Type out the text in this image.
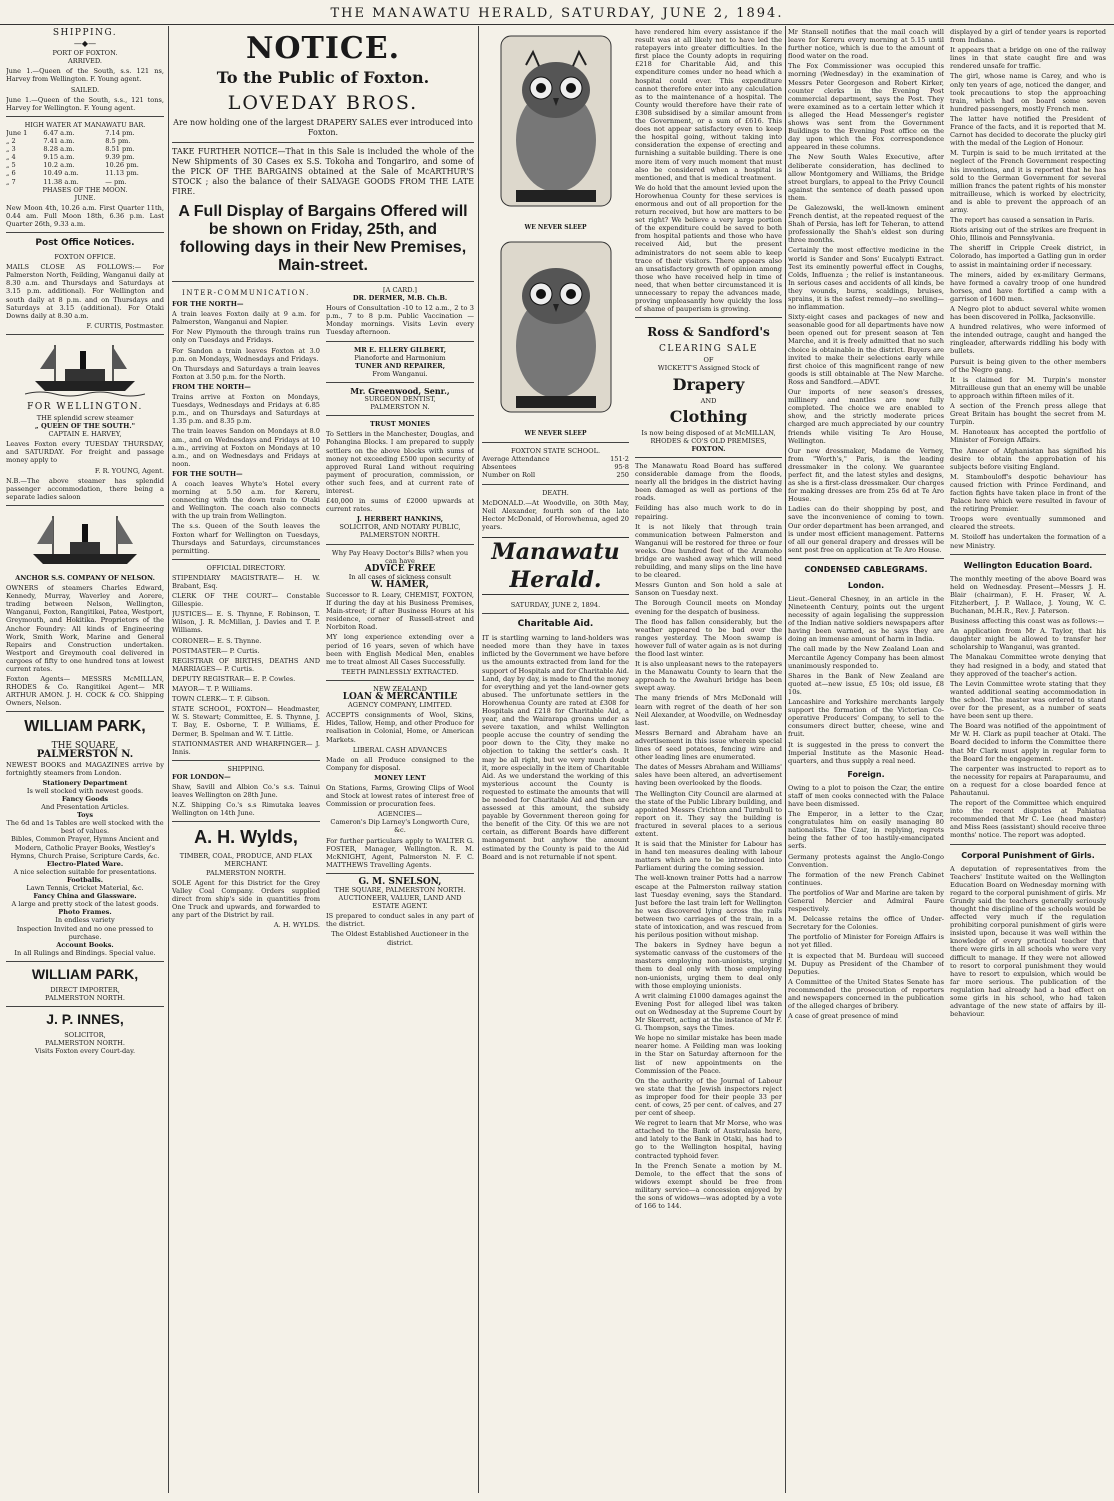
THE MANAWATU HERALD, SATURDAY, JUNE 2, 1894.
SHIPPING.
—◆—
PORT OF FOXTON.
ARRIVED.
June 1.—Queen of the South, s.s. 121 ns, Harvey from Wellington. F. Young agent.
SAILED.
June 1.—Queen of the South, s.s., 121 tons, Harvey for Wellington. F. Young agent.
HIGH WATER AT MANAWATU BAR.
June 1	6.47 a.m.	7.14 pm.
„ 2	7.41 a.m.	8.5 pm.
„ 3	8.28 a.m.	8.51 pm.
„ 4	9.15 a.m.	9.39 pm.
„ 5	10.2 a.m.	10.26 pm.
„ 6	10.49 a.m.	11.13 pm.
„ 7	11.38 a.m.	— pm.
PHASES OF THE MOON.
JUNE.
New Moon 4th, 10.26 a.m. First Quarter 11th, 0.44 am. Full Moon 18th, 6.36 p.m. Last Quarter 26th, 9.33 a.m.
Post Office Notices.
FOXTON OFFICE.
MAILS CLOSE AS FOLLOWS:— For Palmerston North, Feilding, Wanganui daily at 8.30 a.m. and Thursdays and Saturdays at 3.15 p.m. additional). For Wellington and south daily at 8 p.m. and on Thursdays and Saturdays at 3.15 (additional). For Otaki Downs daily at 8.30 a.m.
F. CURTIS, Postmaster.
FOR WELLINGTON.
THE splendid screw steamer
„ QUEEN OF THE SOUTH."
CAPTAIN E. HARVEY,
Leaves Foxton every TUESDAY THURSDAY, and SATURDAY. For freight and passage money apply to
F. R. YOUNG, Agent.
N.B.—The above steamer has splendid passenger accommodation, there being a separate ladies saloon
ANCHOR S.S. COMPANY OF NELSON.
OWNERS of steamers Charles Edward, Kennedy, Murray, Waverley and Aorere, trading between Nelson, Wellington, Wanganui, Foxton, Rangitikei, Patea, Westport, Greymouth, and Hokitika. Proprietors of the Anchor Foundry: All kinds of Engineering Work, Smith Work, Marine and General Repairs and Construction undertaken. Westport and Greymouth coal delivered in cargoes of fifty to one hundred tons at lowest current rates.
Foxton Agents— MESSRS McMILLAN, RHODES & Co. Rangitikei Agent— MR ARTHUR AMON. J. H. COCK & CO. Shipping Owners, Nelson.
WILLIAM PARK,
THE SQUARE,
PALMERSTON N.
NEWEST BOOKS and MAGAZINES arrive by fortnightly steamers from London.
Stationery Department
Is well stocked with newest goods.
Fancy Goods
And Presentation Articles.
Toys
The 6d and 1s Tables are well stocked with the best of values.
Bibles, Common Prayer, Hymns Ancient and Modern, Catholic Prayer Books, Westley's Hymns, Church Praise, Scripture Cards, &c.
Electro-Plated Ware.
A nice selection suitable for presentations.
Footballs.
Lawn Tennis, Cricket Material, &c.
Fancy China and Glassware.
A large and pretty stock of the latest goods.
Photo Frames.
In endless variety
Inspection Invited and no one pressed to purchase.
Account Books.
In all Rulings and Bindings. Special value.
WILLIAM PARK,
DIRECT IMPORTER,
PALMERSTON NORTH.
J. P. INNES,
SOLICITOR,
PALMERSTON NORTH.
Visits Foxton every Court-day.
NOTICE.
To the Public of Foxton.
LOVEDAY BROS.
Are now holding one of the largest DRAPERY SALES ever introduced into Foxton.
TAKE FURTHER NOTICE—That in this Sale is included the whole of the New Shipments of 30 Cases ex S.S. Tokoha and Tongariro, and some of the PICK OF THE BARGAINS obtained at the Sale of McARTHUR'S STOCK ; also the balance of their SALVAGE GOODS FROM THE LATE FIRE.
A Full Display of Bargains Offered will be shown on Friday, 25th, and following days in their New Premises, Main-street.
INTER-COMMUNICATION.
FOR THE NORTH—
A train leaves Foxton daily at 9 a.m. for Palmerston, Wanganui and Napier.
For New Plymouth the through trains run only on Tuesdays and Fridays.
For Sandon a train leaves Foxton at 3.0 p.m. on Mondays, Wednesdays and Fridays.
On Thursdays and Saturdays a train leaves Foxton at 3.50 p.m. for the North.
FROM THE NORTH—
Trains arrive at Foxton on Mondays, Tuesdays, Wednesdays and Fridays at 6.85 p.m., and on Thursdays and Saturdays at 1.35 p.m. and 8.35 p.m.
The train leaves Sandon on Mondays at 8.0 am., and on Wednesdays and Fridays at 10 a.m., arriving at Foxton on Mondays at 10 a.m., and on Wednesdays and Fridays at noon.
FOR THE SOUTH—
A coach leaves Whyte's Hotel every morning at 5.50 a.m. for Kereru, connecting with the down train to Otaki and Wellington. The coach also connects with the up train from Wellington.
The s.s. Queen of the South leaves the Foxton wharf for Wellington on Tuesdays, Thursdays and Saturdays, circumstances permitting.
OFFICIAL DIRECTORY.
STIPENDIARY MAGISTRATE— H. W. Brabant, Esq.
CLERK OF THE COURT— Constable Gillespie.
JUSTICES— E. S. Thynne, F. Robinson, T. Wilson, J. R. McMillan, J. Davies and T. P. Williams.
CORONER— E. S. Thynne.
POSTMASTER— P. Curtis.
REGISTRAR OF BIRTHS, DEATHS AND MARRIAGES— P. Curtis.
DEPUTY REGISTRAR— E. P. Cowles.
MAYOR— T. P. Williams.
TOWN CLERK— T. F. Gibson.
STATE SCHOOL, FOXTON— Headmaster, W. S. Stewart; Committee, E. S. Thynne, J. T. Bay, E. Osborne, T. P. Williams, E. Dermer, B. Spelman and W. T. Little.
STATIONMASTER AND WHARFINGER— J. Innis.
SHIPPING.
FOR LONDON—
Shaw, Savill and Albion Co.'s s.s. Tainui leaves Wellington on 28th June.
N.Z. Shipping Co.'s s.s Rimutaka leaves Wellington on 14th June.
A. H. Wylds,
TIMBER, COAL, PRODUCE, AND FLAX MERCHANT.
PALMERSTON NORTH.
SOLE Agent for this District for the Grey Valley Coal Company. Orders supplied direct from ship's side in quantities from One Truck and upwards, and forwarded to any part of the District by rail.
A. H. WYLDS.
[A CARD.]
DR. DERMER, M.B. Ch.B.
Hours of Consultation -10 to 12 a.m., 2 to 3 p.m., 7 to 8 p.m. Public Vaccination — Monday mornings. Visits Levin every Tuesday afternoon.
MR E. ELLERY GILBERT,
Pianoforte and Harmonium
TUNER AND REPAIRER,
From Wanganui.
Mr. Greenwood, Senr.,
SURGEON DENTIST,
PALMERSTON N.
TRUST MONIES
To Settlers in the Manchester, Douglas, and Pohangina Blocks. I am prepared to supply settlers on the above blocks with sums of money not exceeding £500 upon security of approved Rural Land without requiring payment of procuration, commission, or other such fees, and at current rate of interest.
£40,000 in sums of £2000 upwards at current rates.
J. HERBERT HANKINS,
SOLICITOR, AND NOTARY PUBLIC, PALMERSTON NORTH.
Why Pay Heavy Doctor's Bills? when you can have
ADVICE FREE
In all cases of sickness consult
W. HAMER,
Successor to R. Leary, CHEMIST, FOXTON, If during the day at his Business Premises, Main-street; if after Business Hours at his residence, corner of Russell-street and Norbiton Road.
MY long experience extending over a period of 16 years, seven of which have been with English Medical Men, enables me to treat almost All Cases Successfully.
TEETH PAINLESSLY EXTRACTED.
NEW ZEALAND
LOAN & MERCANTILE
AGENCY COMPANY, LIMITED.
ACCEPTS consignments of Wool, Skins, Hides, Tallow, Hemp, and other Produce for realisation in Colonial, Home, or American Markets.
LIBERAL CASH ADVANCES
Made on all Produce consigned to the Company for disposal.
MONEY LENT
On Stations, Farms, Growing Clips of Wool and Stock at lowest rates of interest free of Commission or procuration fees.
AGENCIES—
Cameron's Dip Larney's Longworth Cure, &c.
For further particulars apply to WALTER G. FOSTER, Manager, Wellington. R. M. McKNIGHT, Agent, Palmerston N. F. C. MATTHEWS Travelling Agents.
G. M. SNELSON,
THE SQUARE, PALMERSTON NORTH. AUCTIONEER, VALUER, LAND AND ESTATE AGENT.
IS prepared to conduct sales in any part of the district.
The Oldest Established Auctioneer in the district.
WE NEVER SLEEP
WE NEVER SLEEP
FOXTON STATE SCHOOL.
Average Attendance	151·2
Absentees	95·8
Number on Roll	250
DEATH.
McDONALD.—At Woodville, on 30th May, Neil Alexander, fourth son of the late Hector McDonald, of Horowhenua, aged 20 years.
Manawatu Herald.
SATURDAY, JUNE 2, 1894.
Charitable Aid.
IT is startling warning to land-holders was needed more than they have in taxes inflicted by the Government we have before us the amounts extracted from land for the support of Hospitals and for Charitable Aid. Land, day by day, is made to find the money for everything and yet the land-owner gets abused. The unfortunate settlers in the Horowhenua County are rated at £308 for Hospitals and £218 for Charitable Aid, a year, and the Wairarapa groans under as severe taxation, and whilst Wellington people accuse the country of sending the poor down to the City, they make no objection to taking the settler's cash. It may be all right, but we very much doubt it, more especially in the item of Charitable Aid. As we understand the working of this mysterious account the County is requested to estimate the amounts that will be needed for Charitable Aid and then are assessed at this amount, the subsidy payable by Government thereon going for the benefit of the City. Of this we are not certain, as different Boards have different management but anyhow the amount estimated by the County is paid to the Aid Board and is not returnable if not spent.
have rendered him every assistance if the result was at all likely not to have led the ratepayers into greater difficulties. In the first place the County adopts in requiring £218 for Charitable Aid, and this expenditure comes under no head which a hospital could ever. This expenditure cannot therefore enter into any calculation as to the maintenance of a hospital. The County would therefore have their rate of £308 subsidised by a similar amount from the Government, or a sum of £616. This does not appear satisfactory even to keep the hospital going, without taking into consideration the expense of erecting and furnishing a suitable building. There is one more item of very much moment that must also be considered when a hospital is mentioned, and that is medical treatment.
We do hold that the amount levied upon the Horowhenua County for these services is enormous and out of all proportion for the return received, but how are matters to be set right? We believe a very large portion of the expenditure could be saved to both from hospital patients and those who have received Aid, but the present administrators do not seem able to keep trace of their visitors. There appears also an unsatisfactory growth of opinion among those who have received help in time of need, that when better circumstanced it is unnecessary to repay the advances made, proving unpleasantly how quickly the loss of shame of pauperism is growing.
Ross & Sandford's
CLEARING SALE
OF
WICKETT'S Assigned Stock of
Drapery
AND
Clothing
Is now being disposed of at McMILLAN, RHODES & CO'S OLD PREMISES,
FOXTON.
The Manawatu Road Board has suffered considerable damage from the floods, nearly all the bridges in the district having been damaged as well as portions of the roads.
Feilding has also much work to do in repairing.
It is not likely that through train communication between Palmerston and Wanganui will be restored for three or four weeks. One hundred feet of the Aramoho bridge are washed away which will need rebuilding, and many slips on the line have to be cleared.
Messrs Gunton and Son hold a sale at Sanson on Tuesday next.
The Borough Council meets on Monday evening for the despatch of business.
The flood has fallen considerably, but the weather appeared to be bad over the ranges yesterday. The Moon swamp is however full of water again as is not during the flood last winter.
It is also unpleasant news to the ratepayers in the Manawatu County to learn that the approach to the Awahuri bridge has been swept away.
The many friends of Mrs McDonald will learn with regret of the death of her son Neil Alexander, at Woodville, on Wednesday last.
Messrs Bernard and Abraham have an advertisement in this issue wherein special lines of seed potatoes, fencing wire and other leading lines are enumerated.
The dates of Messrs Abraham and Williams' sales have been altered, an advertisement having been overlooked by the floods.
The Wellington City Council are alarmed at the state of the Public Library building, and appointed Messrs Crichton and Turnbull to report on it. They say the building is fractured in several places to a serious extent.
It is said that the Minister for Labour has in hand ten measures dealing with labour matters which are to be introduced into Parliament during the coming session.
The well-known trainer Potts had a narrow escape at the Palmerston railway station last Tuesday evening, says the Standard. Just before the last train left for Wellington he was discovered lying across the rails between two carriages of the train, in a state of intoxication, and was rescued from his perilous position without mishap.
The bakers in Sydney have begun a systematic canvass of the customers of the masters employing non-unionists, urging them to deal only with those employing non-unionists, urging them to deal only with those employing unionists.
A writ claiming £1000 damages against the Evening Post for alleged libel was taken out on Wednesday at the Supreme Court by Mr Skerrett, acting at the instance of Mr F. G. Thompson, says the Times.
We hope no similar mistake has been made nearer home. A Feilding man was looking in the Star on Saturday afternoon for the list of new appointments on the Commission of the Peace.
On the authority of the Journal of Labour we state that the Jewish inspectors reject as improper food for their people 33 per cent. of cows, 25 per cent. of calves, and 27 per cent of sheep.
We regret to learn that Mr Morse, who was attached to the Bank of Australasia here, and lately to the Bank in Otaki, has had to go to the Wellington hospital, having contracted typhoid fever.
In the French Senate a motion by M. Demole, to the effect that the sons of widows exempt should be free from military service—a concession enjoyed by the sons of widows—was adopted by a vote of 166 to 144.
Mr Stansell notifies that the mail coach will leave for Kereru every morning at 5.15 until further notice, which is due to the amount of flood water on the road.
The Fox Commissioner was occupied this morning (Wednesday) in the examination of Messrs Peter Georgeson and Robert Kirker, counter clerks in the Evening Post commercial department, says the Post. They were examined as to a certain letter which it is alleged the Head Messenger's register shows was sent from the Government Buildings to the Evening Post office on the day upon which the Fox correspondence appeared in these columns.
The New South Wales Executive, after deliberate consideration, has declined to allow Montgomery and Williams, the Bridge street burglars, to appeal to the Privy Council against the sentence of death passed upon them.
De Galezowski, the well-known eminent French dentist, at the repeated request of the Shah of Persia, has left for Teheran, to attend professionally the Shah's eldest son during three months.
Certainly the most effective medicine in the world is Sander and Sons' Eucalypti Extract. Test its eminently powerful effect in Coughs, Colds, Influenza ; the relief is instantaneous. In serious cases and accidents of all kinds, be they wounds, burns, scaldings, bruises, sprains, it is the safest remedy—no swelling—no inflammation.
Sixty-eight cases and packages of new and seasonable good for all departments have now been opened out for present season at Ten Marche, and it is freely admitted that no such choice is obtainable in the district. Buyers are invited to make their selections early while first choice of this magnificent range of new goods is still obtainable at The New Marche. Ross and Sandford.—ADVT.
Our imports of new season's dresses, millinery and mantles are now fully completed. The choice we are enabled to show, and the strictly moderate prices charged are much appreciated by our country friends while visiting Te Aro House, Wellington.
Our new dressmaker, Madame de Verney, from "Worth's," Paris, is the leading dressmaker in the colony. We guarantee perfect fit, and the latest styles and designs, as she is a first-class dressmaker. Our charges for making dresses are from 25s 6d at Te Aro House.
Ladies can do their shopping by post, and save the inconvenience of coming to town. Our order department has been arranged, and is under most efficient management. Patterns of all our general drapery and dresses will be sent post free on application at Te Aro House.
CONDENSED CABLEGRAMS.
London.
Lieut.-General Chesney, in an article in the Nineteenth Century, points out the urgent necessity of again legalising the suppression of the Indian native soldiers newspapers after having been warned, as he says they are doing an immense amount of harm in India.
The call made by the New Zealand Loan and Mercantile Agency Company has been almost unanimously responded to.
Shares in the Bank of New Zealand are quoted at—new issue, £5 10s; old issue, £8 10s.
Lancashire and Yorkshire merchants largely support the formation of the Victorian Co-operative Producers' Company, to sell to the consumers direct butter, cheese, wine and fruit.
It is suggested in the press to convert the Imperial Institute as the Masonic Head-quarters, and thus supply a real need.
Foreign.
Owing to a plot to poison the Czar, the entire staff of men cooks connected with the Palace have been dismissed.
The Emperor, in a letter to the Czar, congratulates him on easily managing 80 nationalists. The Czar, in replying, regrets being the father of too hastily-emancipated serfs.
Germany protests against the Anglo-Congo Convention.
The formation of the new French Cabinet continues.
The portfolios of War and Marine are taken by General Mercier and Admiral Faure respectively.
M. Delcasse retains the office of Under-Secretary for the Colonies.
The portfolio of Minister for Foreign Affairs is not yet filled.
It is expected that M. Burdeau will succeed M. Dupuy as President of the Chamber of Deputies.
A Committee of the United States Senate has recommended the prosecution of reporters and newspapers concerned in the publication of the alleged charges of bribery.
A case of great presence of mind
displayed by a girl of tender years is reported from Indiana.
It appears that a bridge on one of the railway lines in that state caught fire and was rendered unsafe for traffic.
The girl, whose name is Carey, and who is only ten years of age, noticed the danger, and took precautions to stop the approaching train, which had on board some seven hundred passengers, mostly French men.
The latter have notified the President of France of the facts, and it is reported that M. Carnot has decided to decorate the plucky girl with the medal of the Legion of Honour.
M. Turpin is said to be much irritated at the neglect of the French Government respecting his inventions, and it is reported that he has sold to the German Government for several million francs the patent rights of his monster mitrailleuse, which is worked by electricity, and is able to prevent the approach of an army.
The report has caused a sensation in Paris.
Riots arising out of the strikes are frequent in Ohio, Illinois and Pennsylvania.
The sheriff in Cripple Creek district, in Colorado, has imported a Gatling gun in order to assist in maintaining order if necessary.
The miners, aided by ex-military Germans, have formed a cavalry troop of one hundred horses, and have fortified a camp with a garrison of 1600 men.
A Negro plot to abduct several white women has been discovered in Pollka, Jacksonville.
A hundred relatives, who were informed of the intended outrage, caught and hanged the ringleader, afterwards riddling his body with bullets.
Pursuit is being given to the other members of the Negro gang.
It is claimed for M. Turpin's monster Mitrailleuse gun that an enemy will be unable to approach within fifteen miles of it.
A section of the French press allege that Great Britain has bought the secret from M. Turpin.
M. Hanoteaux has accepted the portfolio of Minister of Foreign Affairs.
The Ameer of Afghanistan has signified his desire to obtain the approbation of his subjects before visiting England.
M. Stambouloff's despotic behaviour has caused friction with Prince Ferdinand, and faction fights have taken place in front of the Palace here which were resulted in favour of the retiring Premier.
Troops were eventually summoned and cleared the streets.
M. Stoiloff has undertaken the formation of a new Ministry.
Wellington Education Board.
The monthly meeting of the above Board was held on Wednesday. Present—Messrs J. H. Blair (chairman), F. H. Fraser, W. A. Fitzherbert, J. P. Wallace, J. Young, W. C. Buchanan, M.H.R., Rev. J. Paterson.
Business affecting this coast was as follows:—
An application from Mr A. Taylor, that his daughter might be allowed to transfer her scholarship to Wanganui, was granted.
The Manakau Committee wrote denying that they had resigned in a body, and stated that they approved of the teacher's action.
The Levin Committee wrote stating that they wanted additional seating accommodation in the school. The master was ordered to stand over for the present, as a number of seats have been sent up there.
The Board was notified of the appointment of Mr W. H. Clark as pupil teacher at Otaki. The Board decided to inform the Committee there that Mr Clark must apply in regular form to the Board for the engagement.
The carpenter was instructed to report as to the necessity for repairs at Paraparaumu, and on a request for a close boarded fence at Pahautanui.
The report of the Committee which enquired into the recent disputes at Pahiatua recommended that Mr C. Lee (head master) and Miss Rees (assistant) should receive three months' notice. The report was adopted.
Corporal Punishment of Girls.
A deputation of representatives from the Teachers' Institute waited on the Wellington Education Board on Wednesday morning with regard to the corporal punishment of girls. Mr Grundy said the teachers generally seriously thought the discipline of the schools would be affected very much if the regulation prohibiting corporal punishment of girls were insisted upon, because it was well within the knowledge of every practical teacher that there were girls in all schools who were very difficult to manage. If they were not allowed to resort to corporal punishment they would have to resort to expulsion, which would be far more serious. The publication of the regulation had already had a bad effect on some girls in his school, who had taken advantage of the new state of affairs by ill-behaviour.
